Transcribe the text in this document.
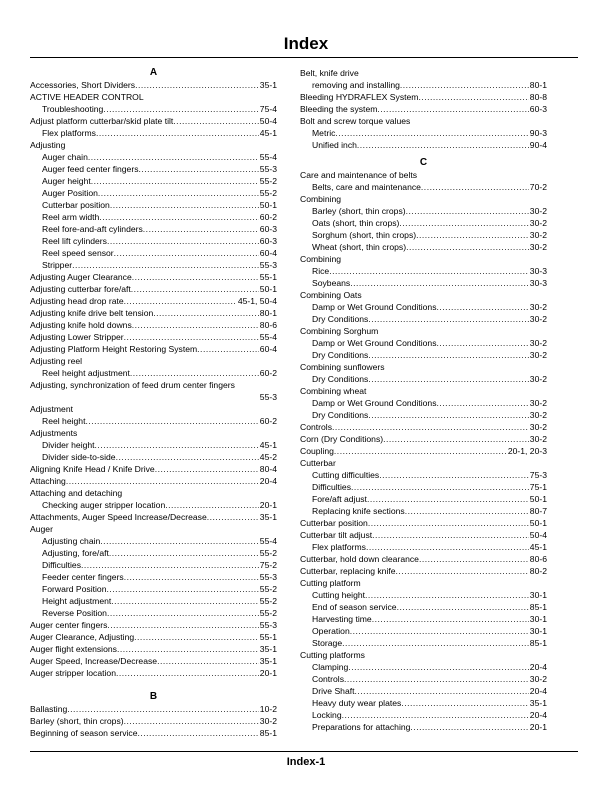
Index
A
Accessories, Short Dividers .....	35-1
ACTIVE HEADER CONTROL
Troubleshooting .....	75-4
Adjust platform cutterbar/skid plate tilt .....	50-4
Flex platforms .....	45-1
Adjusting
Auger chain .....	55-4
Auger feed center fingers .....	55-3
Auger height .....	55-2
Auger Position .....	55-2
Cutterbar position .....	50-1
Reel arm width .....	60-2
Reel fore-and-aft cylinders .....	60-3
Reel lift cylinders .....	60-3
Reel speed sensor .....	60-4
Stripper .....	55-3
Adjusting Auger Clearance .....	55-1
Adjusting cutterbar fore/aft .....	50-1
Adjusting head drop rate .....	45-1, 50-4
Adjusting knife drive belt tension .....	80-1
Adjusting knife hold downs .....	80-6
Adjusting Lower Stripper .....	55-4
Adjusting Platform Height Restoring System .....	60-4
Adjusting reel
Reel height adjustment .....	60-2
Adjusting, synchronization of feed drum center fingers
55-3
Adjustment
Reel height .....	60-2
Adjustments
Divider height .....	45-1
Divider side-to-side .....	45-2
Aligning Knife Head / Knife Drive .....	80-4
Attaching .....	20-4
Attaching and detaching
Checking auger stripper location .....	20-1
Attachments, Auger Speed Increase/Decrease .....	35-1
Auger
Adjusting chain .....	55-4
Adjusting, fore/aft .....	55-2
Difficulties .....	75-2
Feeder center fingers .....	55-3
Forward Position .....	55-2
Height adjustment .....	55-2
Reverse Position .....	55-2
Auger center fingers .....	55-3
Auger Clearance, Adjusting .....	55-1
Auger flight extensions .....	35-1
Auger Speed, Increase/Decrease .....	35-1
Auger stripper location .....	20-1
B
Ballasting .....	10-2
Barley (short, thin crops) .....	30-2
Beginning of season service .....	85-1
Belt, knife drive
removing and installing .....	80-1
Bleeding HYDRAFLEX System .....	80-8
Bleeding the system .....	60-3
Bolt and screw torque values
Metric .....	90-3
Unified inch .....	90-4
C
Care and maintenance of belts
Belts, care and maintenance .....	70-2
Combining
Barley (short, thin crops) .....	30-2
Oats (short, thin crops) .....	30-2
Sorghum (short, thin crops) .....	30-2
Wheat (short, thin crops) .....	30-2
Combining
Rice .....	30-3
Soybeans .....	30-3
Combining Oats
Damp or Wet Ground Conditions .....	30-2
Dry Conditions .....	30-2
Combining Sorghum
Damp or Wet Ground Conditions .....	30-2
Dry Conditions .....	30-2
Combining sunflowers
Dry Conditions .....	30-2
Combining wheat
Damp or Wet Ground Conditions .....	30-2
Dry Conditions .....	30-2
Controls .....	30-2
Corn (Dry Conditions) .....	30-2
Coupling .....	20-1, 20-3
Cutterbar
Cutting difficulties .....	75-3
Difficulties .....	75-1
Fore/aft adjust .....	50-1
Replacing knife sections .....	80-7
Cutterbar position .....	50-1
Cutterbar tilt adjust .....	50-4
Flex platforms .....	45-1
Cutterbar, hold down clearance .....	80-6
Cutterbar, replacing knife .....	80-2
Cutting platform
Cutting height .....	30-1
End of season service .....	85-1
Harvesting time .....	30-1
Operation .....	30-1
Storage .....	85-1
Cutting platforms
Clamping .....	20-4
Controls .....	30-2
Drive Shaft .....	20-4
Heavy duty wear plates .....	35-1
Locking .....	20-4
Preparations for attaching .....	20-1
Index-1
